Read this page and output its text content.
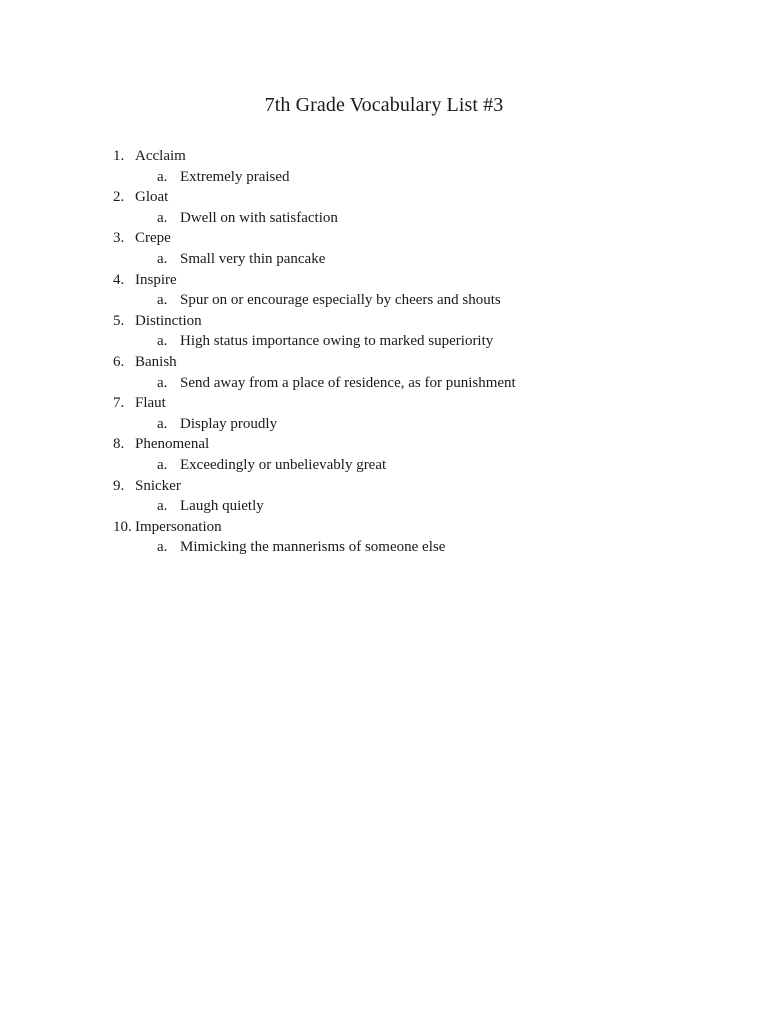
7th Grade Vocabulary List #3
1. Acclaim
a. Extremely praised
2. Gloat
a. Dwell on with satisfaction
3. Crepe
a. Small very thin pancake
4. Inspire
a. Spur on or encourage especially by cheers and shouts
5. Distinction
a. High status importance owing to marked superiority
6. Banish
a. Send away from a place of residence, as for punishment
7. Flaut
a. Display proudly
8. Phenomenal
a. Exceedingly or unbelievably great
9. Snicker
a. Laugh quietly
10. Impersonation
a. Mimicking the mannerisms of someone else
